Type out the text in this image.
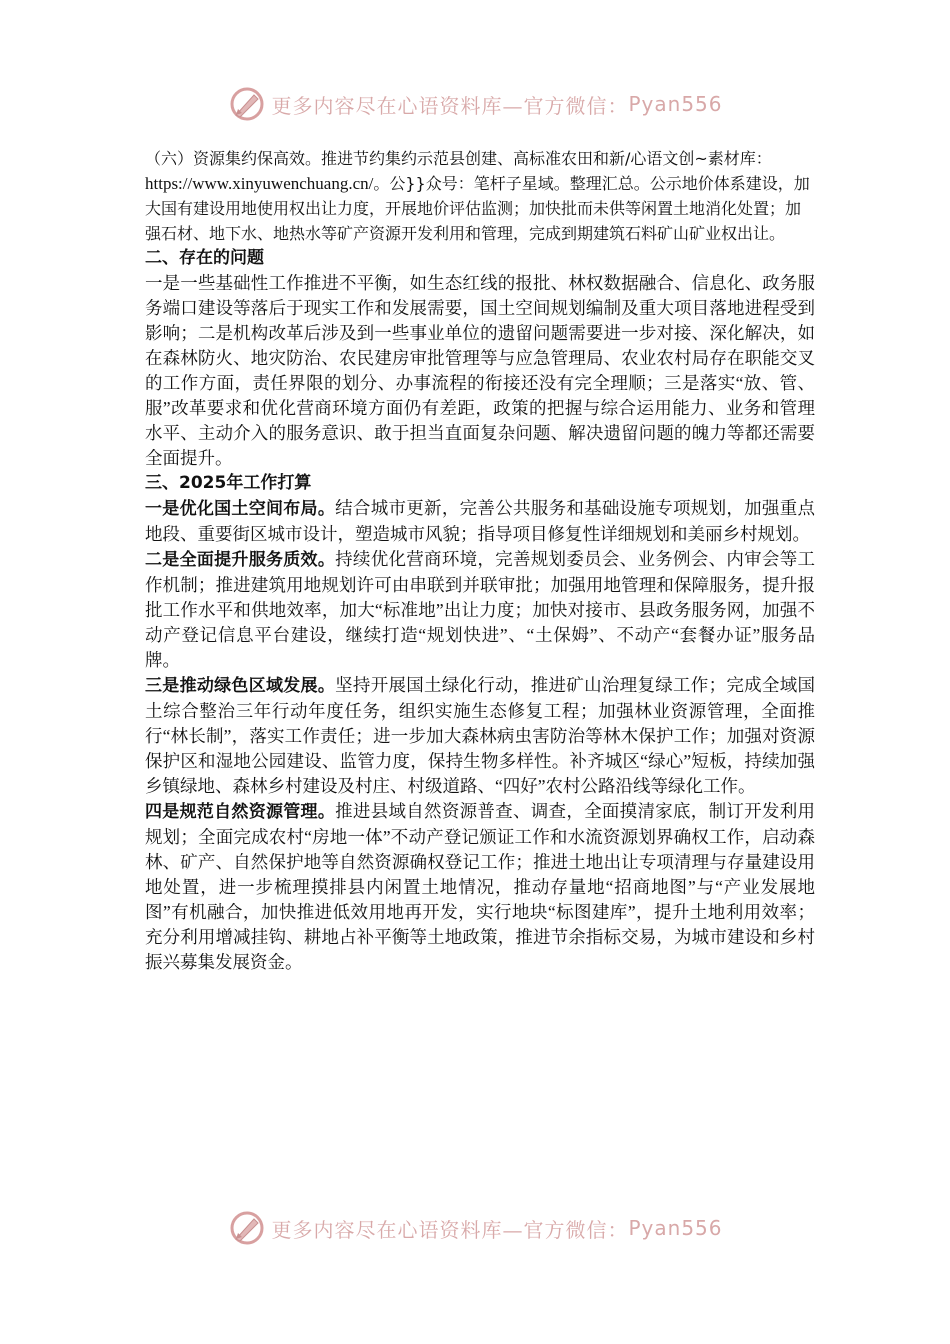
更多内容尽在心语资料库—官方微信： Pyan556

（六）资源集约保高效。推进节约集约示范县创建、高标准农田和新/心语文创~素材库：https://www.xinyuwenchuang.cn/。公}}众号：笔杆子星域。整理汇总。公示地价体系建设，加大国有建设用地使用权出让力度，开展地价评估监测；加快批而未供等闲置土地消化处置；加强石材、地下水、地热水等矿产资源开发利用和管理，完成到期建筑石料矿山矿业权出让。

二、存在的问题

一是一些基础性工作推进不平衡，如生态红线的报批、林权数据融合、信息化、政务服务端口建设等落后于现实工作和发展需要，国土空间规划编制及重大项目落地进程受到影响；二是机构改革后涉及到一些事业单位的遗留问题需要进一步对接、深化解决，如在森林防火、地灾防治、农民建房审批管理等与应急管理局、农业农村局存在职能交叉的工作方面，责任界限的划分、办事流程的衔接还没有完全理顺；三是落实“放、管、服”改革要求和优化营商环境方面仍有差距，政策的把握与综合运用能力、业务和管理水平、主动介入的服务意识、敢于担当直面复杂问题、解决遗留问题的魄力等都还需要全面提升。

三、2025年工作打算

一是优化国土空间布局。结合城市更新，完善公共服务和基础设施专项规划，加强重点地段、重要街区城市设计，塑造城市风貌；指导项目修复性详细规划和美丽乡村规划。

二是全面提升服务质效。持续优化营商环境，完善规划委员会、业务例会、内审会等工作机制；推进建筑用地规划许可由串联到并联审批；加强用地管理和保障服务，提升报批工作水平和供地效率，加大“标准地”出让力度；加快对接市、县政务服务网，加强不动产登记信息平台建设，继续打造“规划快进”、“土保姆”、不动产“套餐办证”服务品牌。

三是推动绿色区域发展。坚持开展国土绿化行动，推进矿山治理复绿工作；完成全域国土综合整治三年行动年度任务，组织实施生态修复工程；加强林业资源管理，全面推行“林长制”，落实工作责任；进一步加大森林病虫害防治等林木保护工作；加强对资源保护区和湿地公园建设、监管力度，保持生物多样性。补齐城区“绿心”短板，持续加强乡镇绿地、森林乡村建设及村庄、村级道路、“四好”农村公路沿线等绿化工作。

四是规范自然资源管理。推进县域自然资源普查、调查，全面摸清家底，制订开发利用规划；全面完成农村“房地一体”不动产登记颁证工作和水流资源划界确权工作，启动森林、矿产、自然保护地等自然资源确权登记工作；推进土地出让专项清理与存量建设用地处置，进一步梳理摸排县内闲置土地情况，推动存量地“招商地图”与“产业发展地图”有机融合，加快推进低效用地再开发，实行地块“标图建库”，提升土地利用效率；充分利用增减挂钩、耕地占补平衡等土地政策，推进节余指标交易，为城市建设和乡村振兴募集发展资金。

更多内容尽在心语资料库—官方微信： Pyan556
